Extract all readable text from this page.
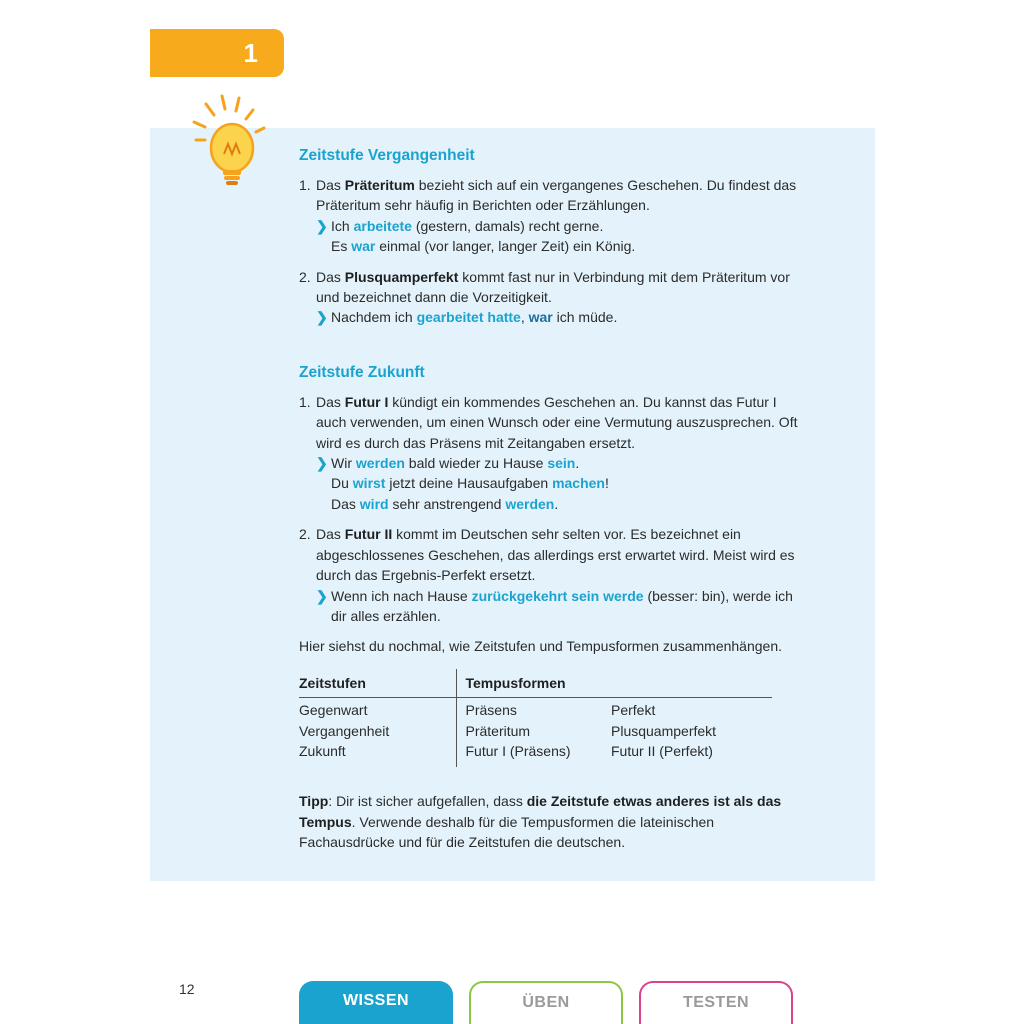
1
Zeitstufe Vergangenheit
1. Das Präteritum bezieht sich auf ein vergangenes Geschehen. Du findest das Präteritum sehr häufig in Berichten oder Erzählungen.
❯ Ich arbeitete (gestern, damals) recht gerne.
Es war einmal (vor langer, langer Zeit) ein König.
2. Das Plusquamperfekt kommt fast nur in Verbindung mit dem Präteritum vor und bezeichnet dann die Vorzeitigkeit.
❯ Nachdem ich gearbeitet hatte, war ich müde.
Zeitstufe Zukunft
1. Das Futur I kündigt ein kommendes Geschehen an. Du kannst das Futur I auch verwenden, um einen Wunsch oder eine Vermutung auszusprechen. Oft wird es durch das Präsens mit Zeitangaben ersetzt.
❯ Wir werden bald wieder zu Hause sein.
Du wirst jetzt deine Hausaufgaben machen!
Das wird sehr anstrengend werden.
2. Das Futur II kommt im Deutschen sehr selten vor. Es bezeichnet ein abgeschlossenes Geschehen, das allerdings erst erwartet wird. Meist wird es durch das Ergebnis-Perfekt ersetzt.
❯ Wenn ich nach Hause zurückgekehrt sein werde (besser: bin), werde ich dir alles erzählen.

Hier siehst du nochmal, wie Zeitstufen und Tempusformen zusammenhängen.

Zeitstufen	Tempusformen	
Gegenwart	Präsens	Perfekt
Vergangenheit	Präteritum	Plusquamperfekt
Zukunft	Futur I (Präsens)	Futur II (Perfekt)

Tipp: Dir ist sicher aufgefallen, dass die Zeitstufe etwas anderes ist als das Tempus. Verwende deshalb für die Tempusformen die lateinischen Fachausdrücke und für die Zeitstufen die deutschen.

12
WISSEN	ÜBEN	TESTEN
